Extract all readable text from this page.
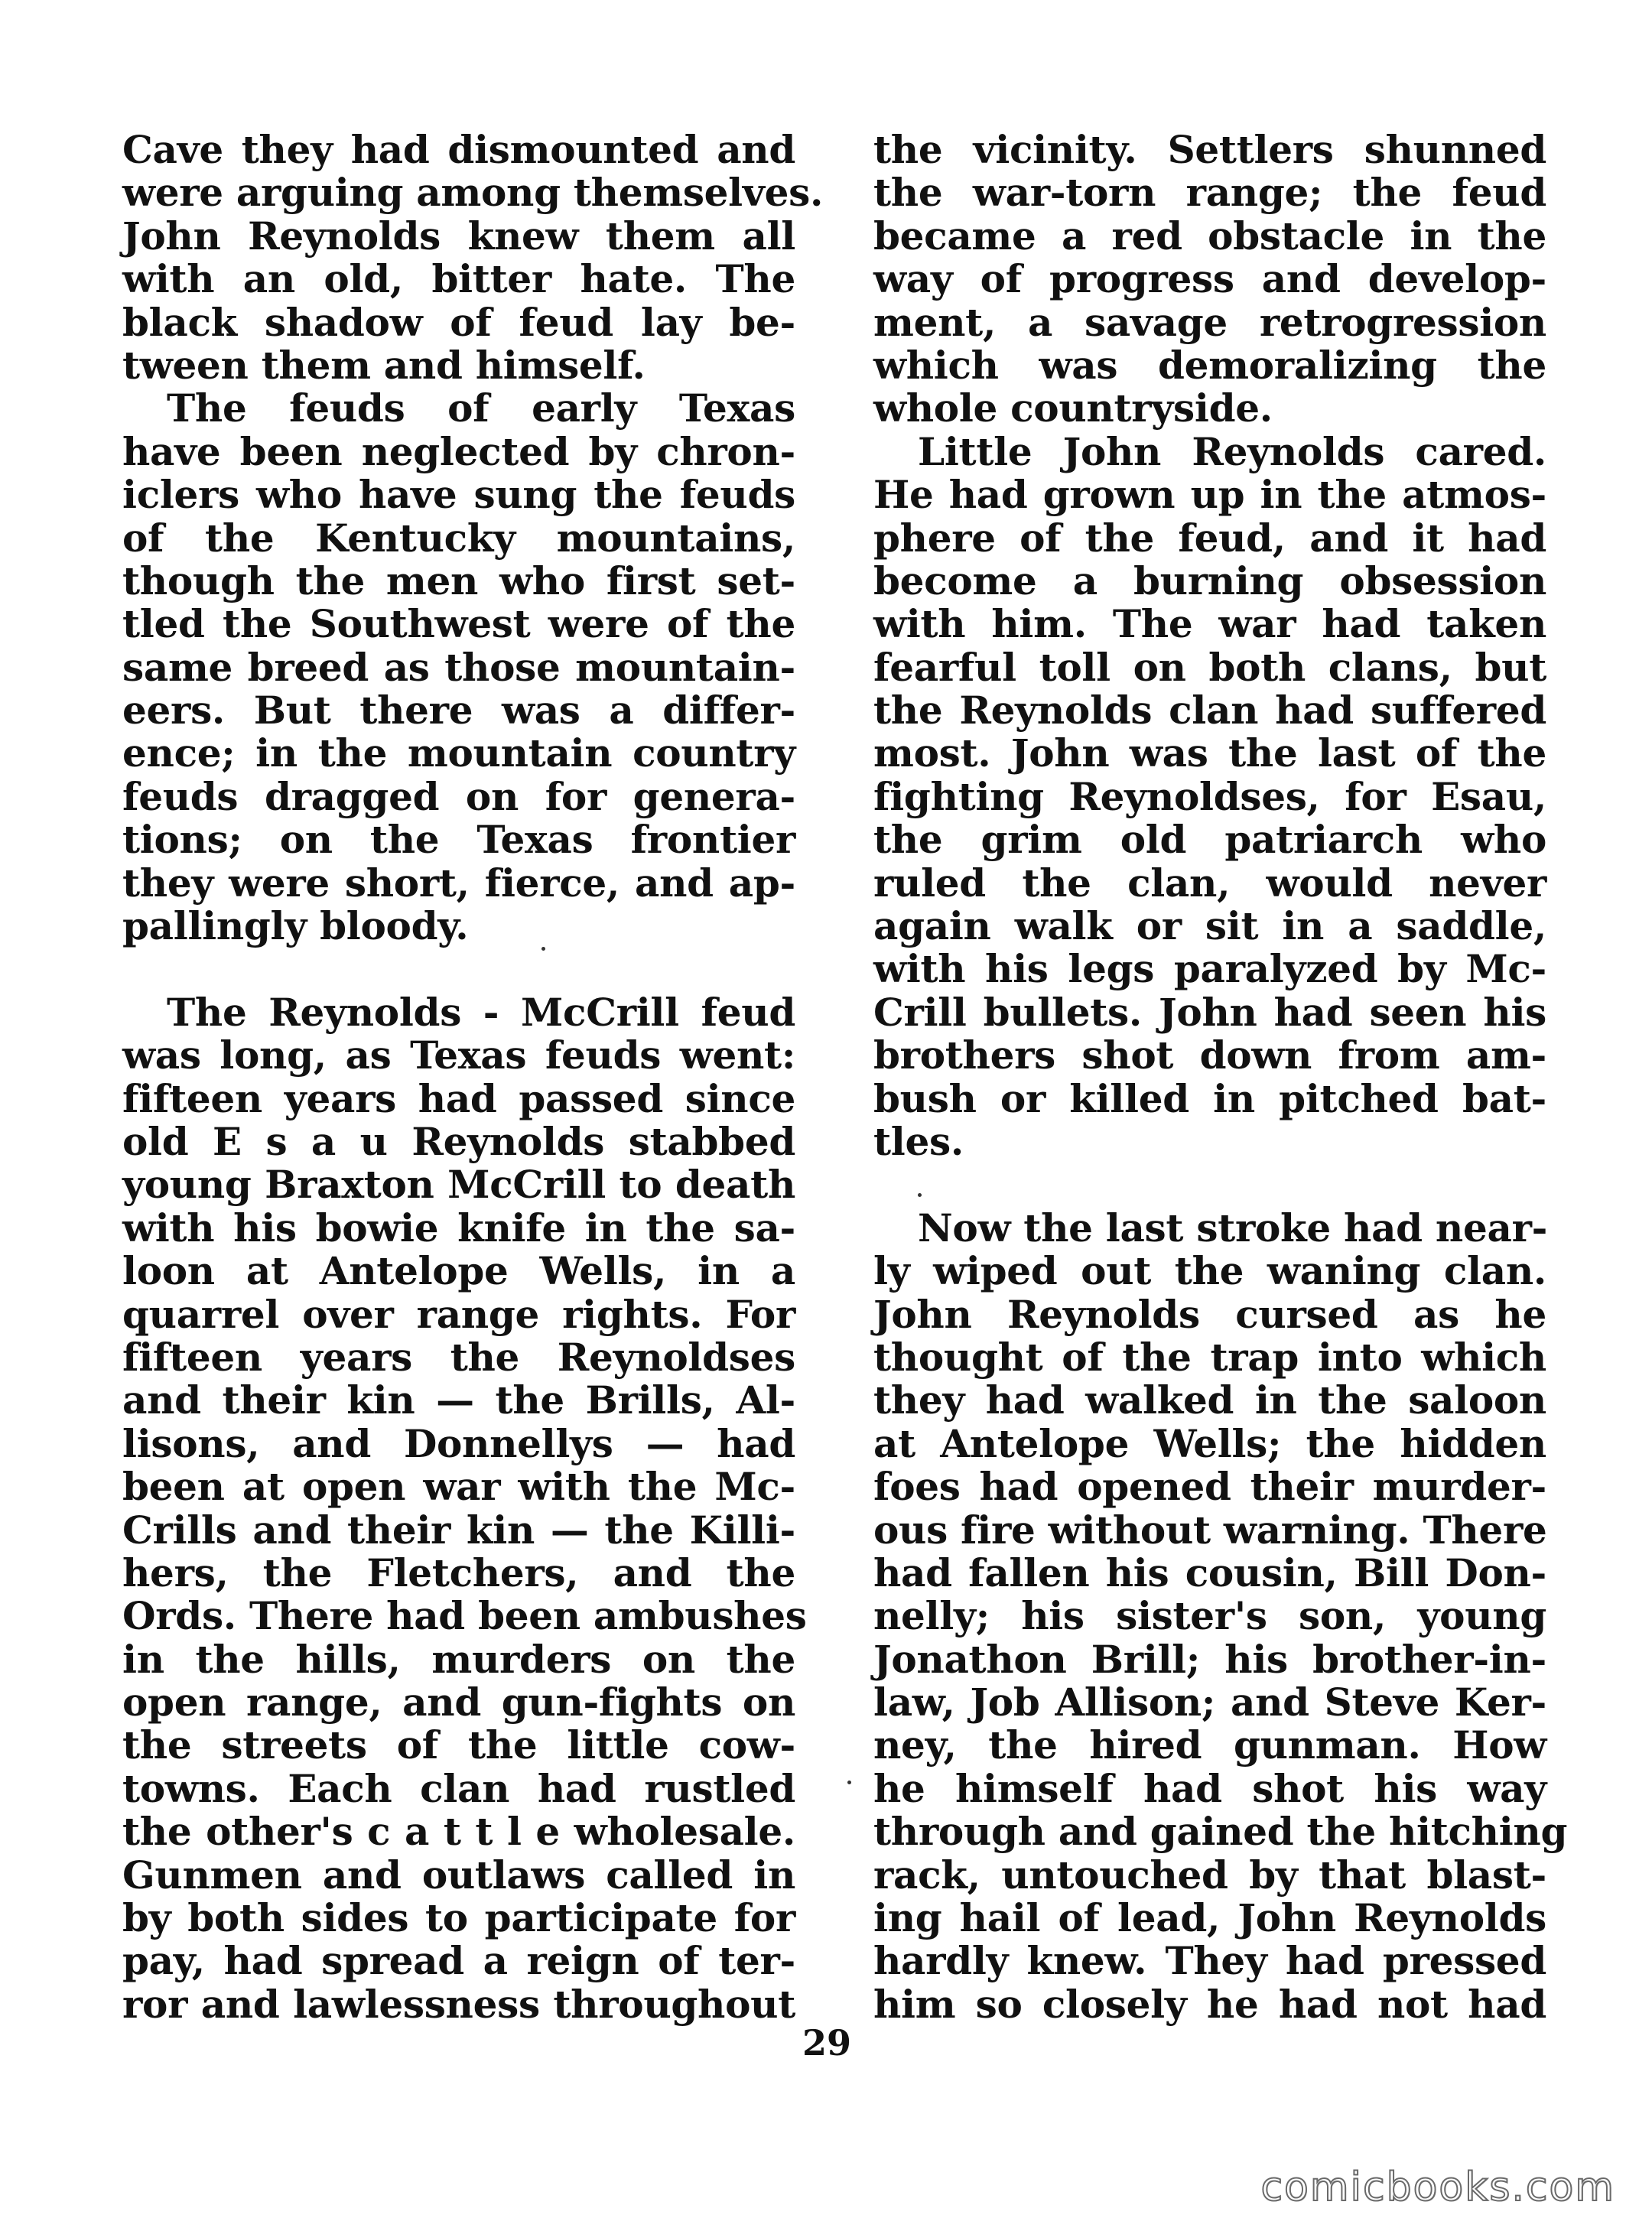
Cave they had dismounted and
were arguing among themselves.
John Reynolds knew them all
with an old, bitter hate. The
black shadow of feud lay be-
tween them and himself.
The feuds of early Texas
have been neglected by chron-
iclers who have sung the feuds
of the Kentucky mountains,
though the men who first set-
tled the Southwest were of the
same breed as those mountain-
eers. But there was a differ-
ence; in the mountain country
feuds dragged on for genera-
tions; on the Texas frontier
they were short, fierce, and ap-
pallingly bloody.
The Reynolds - McCrill feud
was long, as Texas feuds went:
fifteen years had passed since
old E s a u Reynolds stabbed
young Braxton McCrill to death
with his bowie knife in the sa-
loon at Antelope Wells, in a
quarrel over range rights. For
fifteen years the Reynoldses
and their kin — the Brills, Al-
lisons, and Donnellys — had
been at open war with the Mc-
Crills and their kin — the Killi-
hers, the Fletchers, and the
Ords. There had been ambushes
in the hills, murders on the
open range, and gun-fights on
the streets of the little cow-
towns. Each clan had rustled
the other's c a t t l e wholesale.
Gunmen and outlaws called in
by both sides to participate for
pay, had spread a reign of ter-
ror and lawlessness throughout
the vicinity. Settlers shunned
the war-torn range; the feud
became a red obstacle in the
way of progress and develop-
ment, a savage retrogression
which was demoralizing the
whole countryside.
Little John Reynolds cared.
He had grown up in the atmos-
phere of the feud, and it had
become a burning obsession
with him. The war had taken
fearful toll on both clans, but
the Reynolds clan had suffered
most. John was the last of the
fighting Reynoldses, for Esau,
the grim old patriarch who
ruled the clan, would never
again walk or sit in a saddle,
with his legs paralyzed by Mc-
Crill bullets. John had seen his
brothers shot down from am-
bush or killed in pitched bat-
tles.
Now the last stroke had near-
ly wiped out the waning clan.
John Reynolds cursed as he
thought of the trap into which
they had walked in the saloon
at Antelope Wells; the hidden
foes had opened their murder-
ous fire without warning. There
had fallen his cousin, Bill Don-
nelly; his sister's son, young
Jonathon Brill; his brother-in-
law, Job Allison; and Steve Ker-
ney, the hired gunman. How
he himself had shot his way
through and gained the hitching
rack, untouched by that blast-
ing hail of lead, John Reynolds
hardly knew. They had pressed
him so closely he had not had
29
comicbooks.com
